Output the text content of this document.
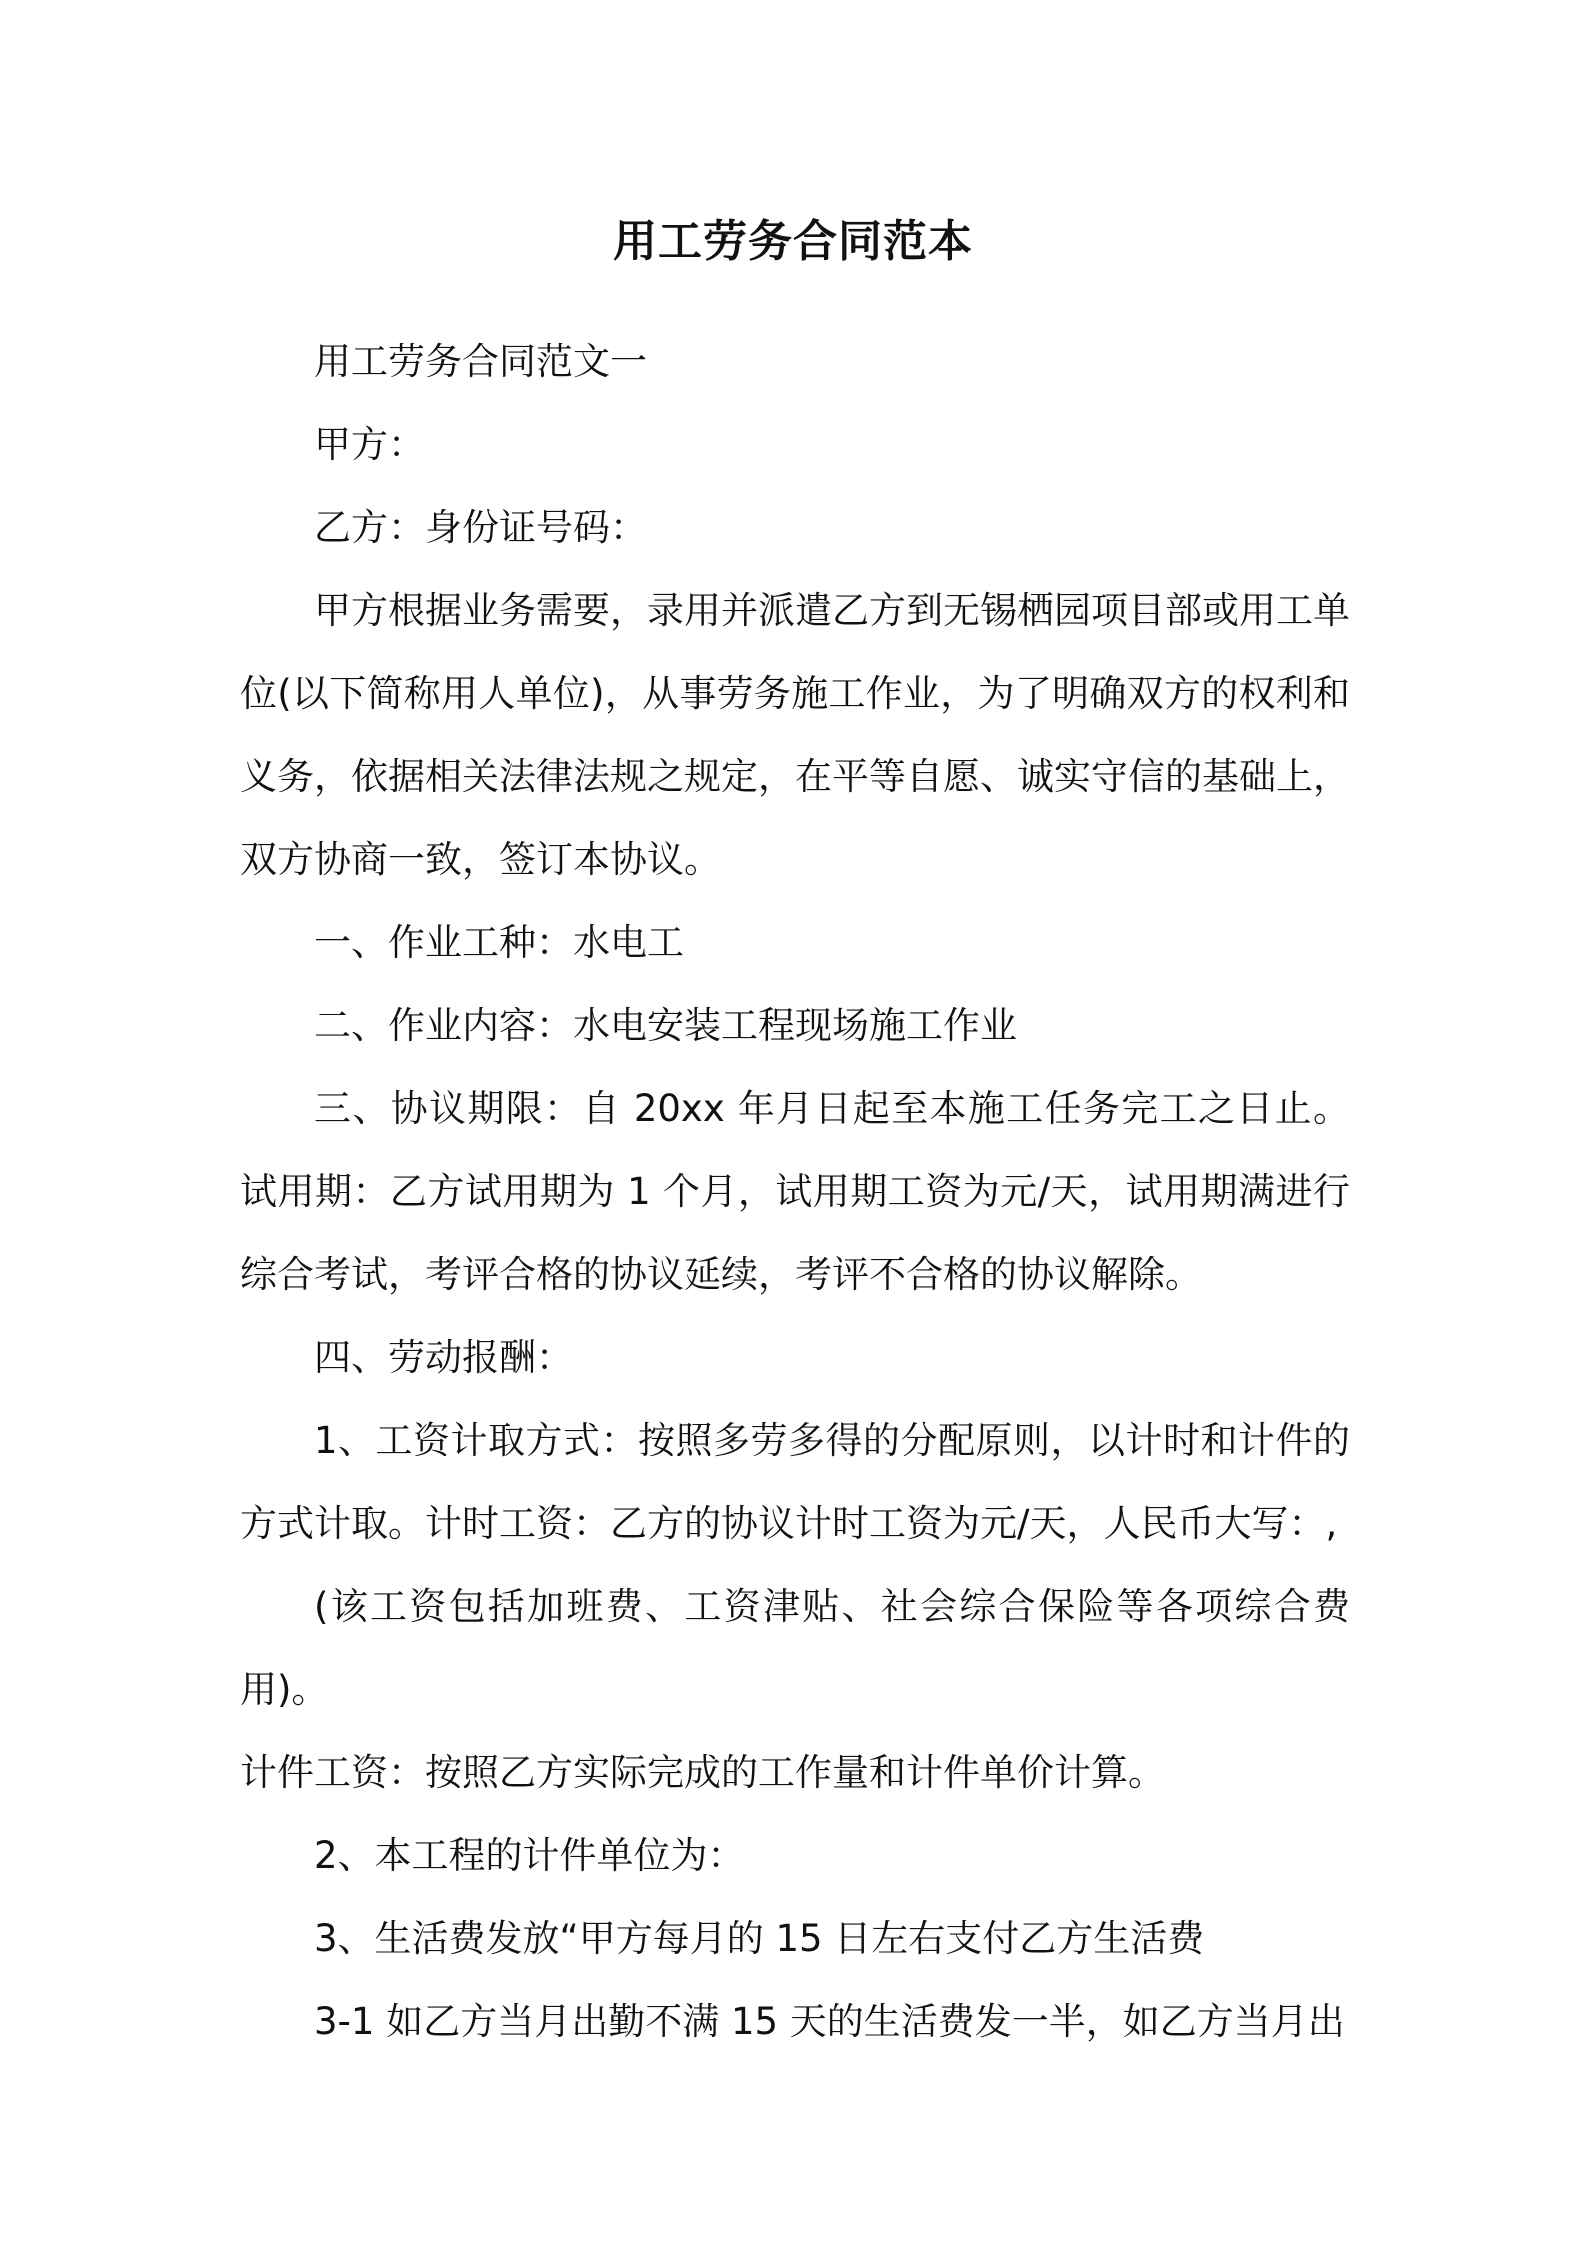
用工劳务合同范本

用工劳务合同范文一

甲方：

乙方：身份证号码：

甲方根据业务需要，录用并派遣乙方到无锡栖园项目部或用工单位(以下简称用人单位)，从事劳务施工作业，为了明确双方的权利和义务，依据相关法律法规之规定，在平等自愿、诚实守信的基础上，双方协商一致，签订本协议。

一、作业工种：水电工

二、作业内容：水电安装工程现场施工作业

三、协议期限：自 20xx 年月日起至本施工任务完工之日止。试用期：乙方试用期为 1 个月，试用期工资为元/天，试用期满进行综合考试，考评合格的协议延续，考评不合格的协议解除。

四、劳动报酬：

1、工资计取方式：按照多劳多得的分配原则，以计时和计件的方式计取。计时工资：乙方的协议计时工资为元/天，人民币大写：,

(该工资包括加班费、工资津贴、社会综合保险等各项综合费用)。

计件工资：按照乙方实际完成的工作量和计件单价计算。

2、本工程的计件单位为：

3、生活费发放“甲方每月的 15 日左右支付乙方生活费

3-1 如乙方当月出勤不满 15 天的生活费发一半，如乙方当月出
